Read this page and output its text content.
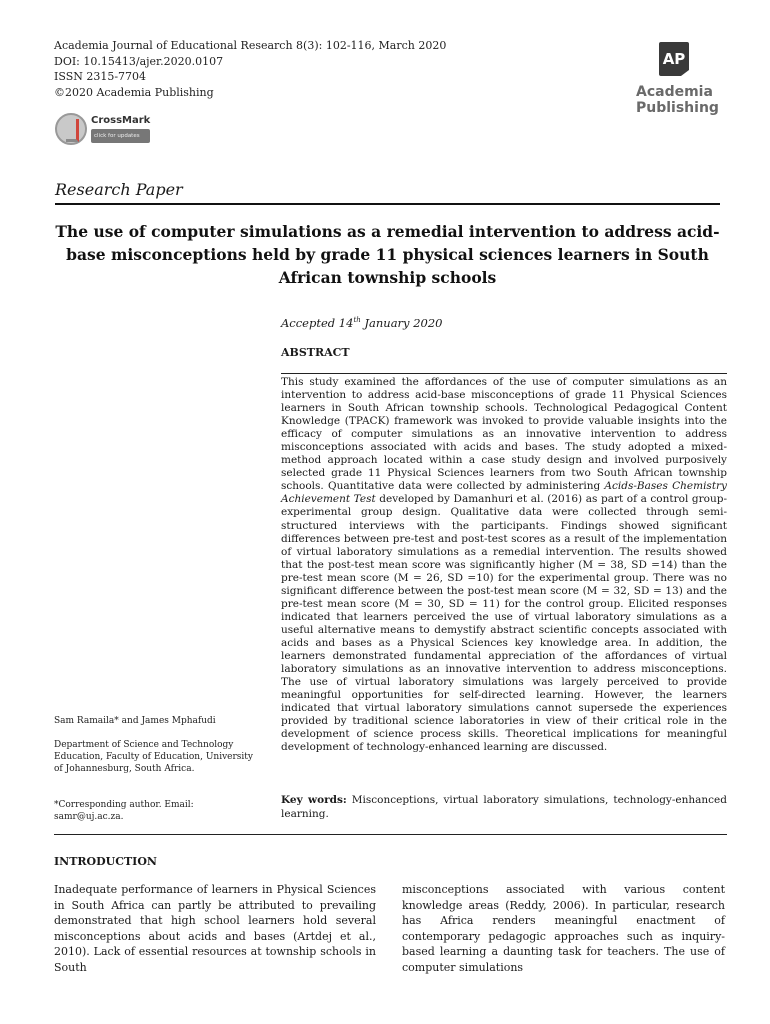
Academia Journal of Educational Research 8(3): 102-116, March 2020
DOI: 10.15413/ajer.2020.0107
ISSN 2315-7704
©2020 Academia Publishing
AP
Academia
Publishing
CrossMark
click for updates
Research Paper
The use of computer simulations as a remedial intervention to address acid-base misconceptions held by grade 11 physical sciences learners in South African township schools
Accepted 14th January 2020
ABSTRACT
This study examined the affordances of the use of computer simulations as an intervention to address acid-base misconceptions of grade 11 Physical Sciences learners in South African township schools. Technological Pedagogical Content Knowledge (TPACK) framework was invoked to provide valuable insights into the efficacy of computer simulations as an innovative intervention to address misconceptions associated with acids and bases. The study adopted a mixed-method approach located within a case study design and involved purposively selected grade 11 Physical Sciences learners from two South African township schools. Quantitative data were collected by administering Acids-Bases Chemistry Achievement Test developed by Damanhuri et al. (2016) as part of a control group-experimental group design. Qualitative data were collected through semi-structured interviews with the participants. Findings showed significant differences between pre-test and post-test scores as a result of the implementation of virtual laboratory simulations as a remedial intervention. The results showed that the post-test mean score was significantly higher (M = 38, SD =14) than the pre-test mean score (M = 26, SD =10) for the experimental group. There was no significant difference between the post-test mean score (M = 32, SD = 13) and the pre-test mean score (M = 30, SD = 11) for the control group. Elicited responses indicated that learners perceived the use of virtual laboratory simulations as a useful alternative means to demystify abstract scientific concepts associated with acids and bases as a Physical Sciences key knowledge area. In addition, the learners demonstrated fundamental appreciation of the affordances of virtual laboratory simulations as an innovative intervention to address misconceptions. The use of virtual laboratory simulations was largely perceived to provide meaningful opportunities for self-directed learning. However, the learners indicated that virtual laboratory simulations cannot supersede the experiences provided by traditional science laboratories in view of their critical role in the development of science process skills. Theoretical implications for meaningful development of technology-enhanced learning are discussed.
Key words: Misconceptions, virtual laboratory simulations, technology-enhanced learning.
Sam Ramaila* and James Mphafudi
Department of Science and Technology Education, Faculty of Education, University of Johannesburg, South Africa.
*Corresponding author. Email: samr@uj.ac.za.
INTRODUCTION
Inadequate performance of learners in Physical Sciences in South Africa can partly be attributed to prevailing demonstrated that high school learners hold several misconceptions about acids and bases (Artdej et al., 2010). Lack of essential resources at township schools in South
misconceptions associated with various content knowledge areas (Reddy, 2006). In particular, research has Africa renders meaningful enactment of contemporary pedagogic approaches such as inquiry-based learning a daunting task for teachers. The use of computer simulations
